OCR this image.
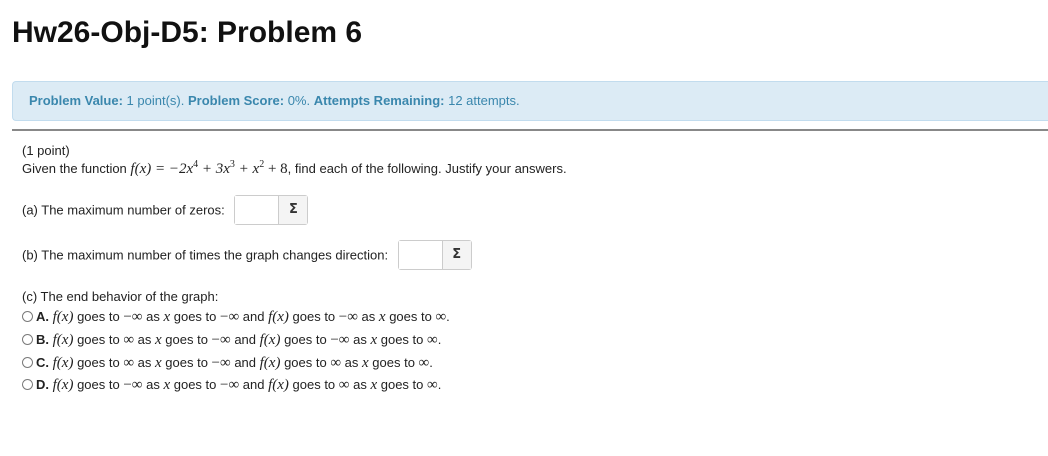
Hw26-Obj-D5: Problem 6
Problem Value: 1 point(s). Problem Score: 0%. Attempts Remaining: 12 attempts.
(1 point)
Given the function $f(x) = -2x^4 + 3x^3 + x^2 + 8$, find each of the following. Justify your answers.
(a) The maximum number of zeros:	Σ
(b) The maximum number of times the graph changes direction:	Σ
(c) The end behavior of the graph:
A. f(x) goes to −∞ as x goes to −∞ and f(x) goes to −∞ as x goes to ∞.
B. f(x) goes to ∞ as x goes to −∞ and f(x) goes to −∞ as x goes to ∞.
C. f(x) goes to ∞ as x goes to −∞ and f(x) goes to ∞ as x goes to ∞.
D. f(x) goes to −∞ as x goes to −∞ and f(x) goes to ∞ as x goes to ∞.
